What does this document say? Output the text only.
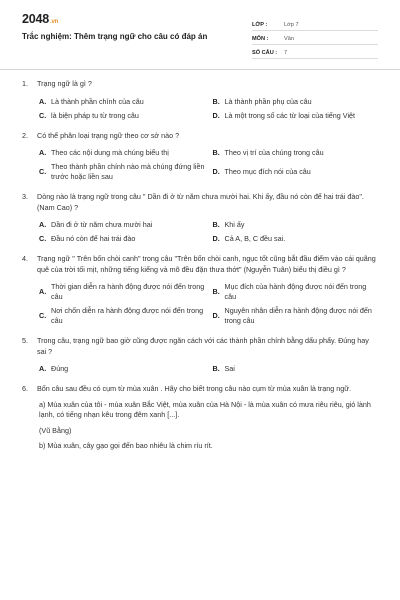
2048.vn
Trắc nghiệm: Thêm trạng ngữ cho câu có đáp án
LỚP :	Lớp 7
MÔN :	Văn
SỐ CÂU :	7
1.	Trạng ngữ là gì ?
A. Là thành phần chính của câu	B. Là thành phần phụ của câu
C. là biện pháp tu từ trong câu	D. Là một trong số các từ loại của tiếng Việt
2.	Có thể phân loại trạng ngữ theo cơ sở nào ?
A. Theo các nội dung mà chúng biểu thị	B. Theo vị trí của chúng trong câu
C.
Theo thành phần chính nào mà chúng đứng liền trước hoặc liền sau
D. Theo mục đích nói của câu
3.	Dòng nào là trạng ngữ trong câu " Dần đi ở từ năm chưa mười hai. Khi ấy, đầu nó còn để hai trái đào". (Nam Cao) ?
A. Dần đi ở từ năm chưa mười hai	B. Khi ấy
C. Đầu nó còn để hai trái đào	D. Cả A, B, C đều sai.
4.	Trạng ngữ " Trên bốn chòi canh" trong câu "Trên bốn chòi canh, ngục tốt cũng bắt đầu điểm vào cái quãng quê của trời tối mịt, những tiếng kiểng và mõ đều đặn thưa thớt" (Nguyễn Tuân) biểu thị điều gì ?
A.
Thời gian diễn ra hành động được nói đến trong câu
B.
Mục đích của hành động được nói đến trong câu
C.
Nơi chốn diễn ra hành động được nói đến trong câu
D.
Nguyên nhân diễn ra hành động được nói đến trong câu
5.	Trong câu, trạng ngữ bao giờ cũng được ngăn cách với các thành phần chính bằng dấu phẩy. Đúng hay sai ?
A. Đúng	B. Sai
6.	Bốn câu sau đều có cụm từ mùa xuân . Hãy cho biết trong câu nào cụm từ mùa xuân là trạng ngữ.

a) Mùa xuân của tôi - mùa xuân Bắc Việt, mùa xuân của Hà Nội - là mùa xuân có mưa riêu riêu, gió lành lạnh, có tiếng nhạn kêu trong đêm xanh [...].

(Vũ Bằng)

b) Mùa xuân, cây gạo gọi đến bao nhiêu là chim ríu rít.
